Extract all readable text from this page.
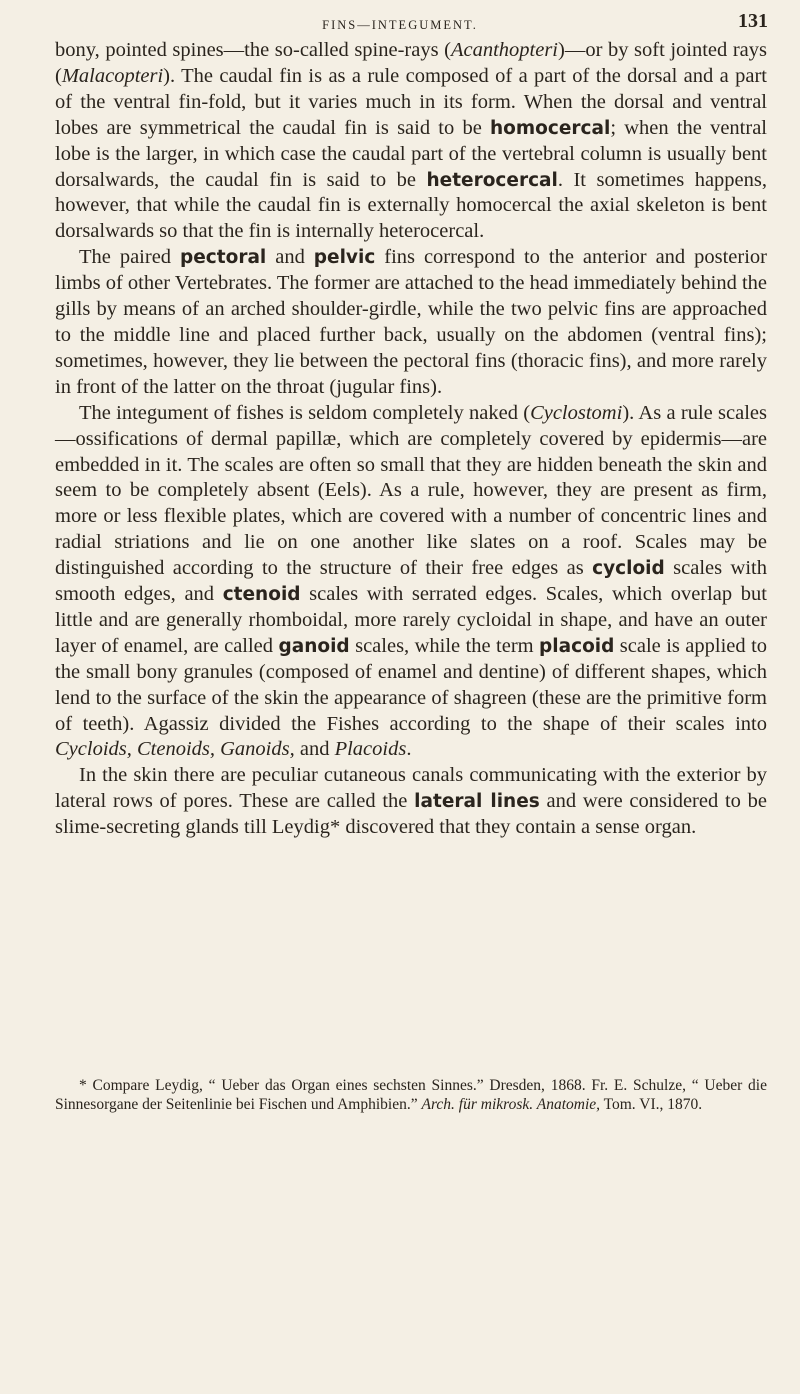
FINS—INTEGUMENT.	131

bony, pointed spines—the so-called spine-rays (Acanthopteri)—or by soft jointed rays (Malacopteri). The caudal fin is as a rule composed of a part of the dorsal and a part of the ventral fin-fold, but it varies much in its form. When the dorsal and ventral lobes are symmetrical the caudal fin is said to be homocercal; when the ventral lobe is the larger, in which case the caudal part of the vertebral column is usually bent dorsalwards, the caudal fin is said to be heterocercal. It sometimes happens, however, that while the caudal fin is externally homocercal the axial skeleton is bent dorsalwards so that the fin is internally heterocercal.

The paired pectoral and pelvic fins correspond to the anterior and posterior limbs of other Vertebrates. The former are attached to the head immediately behind the gills by means of an arched shoulder-girdle, while the two pelvic fins are approached to the middle line and placed further back, usually on the abdomen (ventral fins); sometimes, however, they lie between the pectoral fins (thoracic fins), and more rarely in front of the latter on the throat (jugular fins).

The integument of fishes is seldom completely naked (Cyclostomi). As a rule scales—ossifications of dermal papillæ, which are completely covered by epidermis—are embedded in it. The scales are often so small that they are hidden beneath the skin and seem to be completely absent (Eels). As a rule, however, they are present as firm, more or less flexible plates, which are covered with a number of concentric lines and radial striations and lie on one another like slates on a roof. Scales may be distinguished according to the structure of their free edges as cycloid scales with smooth edges, and ctenoid scales with serrated edges. Scales, which overlap but little and are generally rhomboidal, more rarely cycloidal in shape, and have an outer layer of enamel, are called ganoid scales, while the term placoid scale is applied to the small bony granules (composed of enamel and dentine) of different shapes, which lend to the surface of the skin the appearance of shagreen (these are the primitive form of teeth). Agassiz divided the Fishes according to the shape of their scales into Cycloids, Ctenoids, Ganoids, and Placoids.

In the skin there are peculiar cutaneous canals communicating with the exterior by lateral rows of pores. These are called the lateral lines and were considered to be slime-secreting glands till Leydig* discovered that they contain a sense organ.

* Compare Leydig, “ Ueber das Organ eines sechsten Sinnes.” Dresden, 1868. Fr. E. Schulze, “ Ueber die Sinnesorgane der Seitenlinie bei Fischen und Amphibien.” Arch. für mikrosk. Anatomie, Tom. VI., 1870.
